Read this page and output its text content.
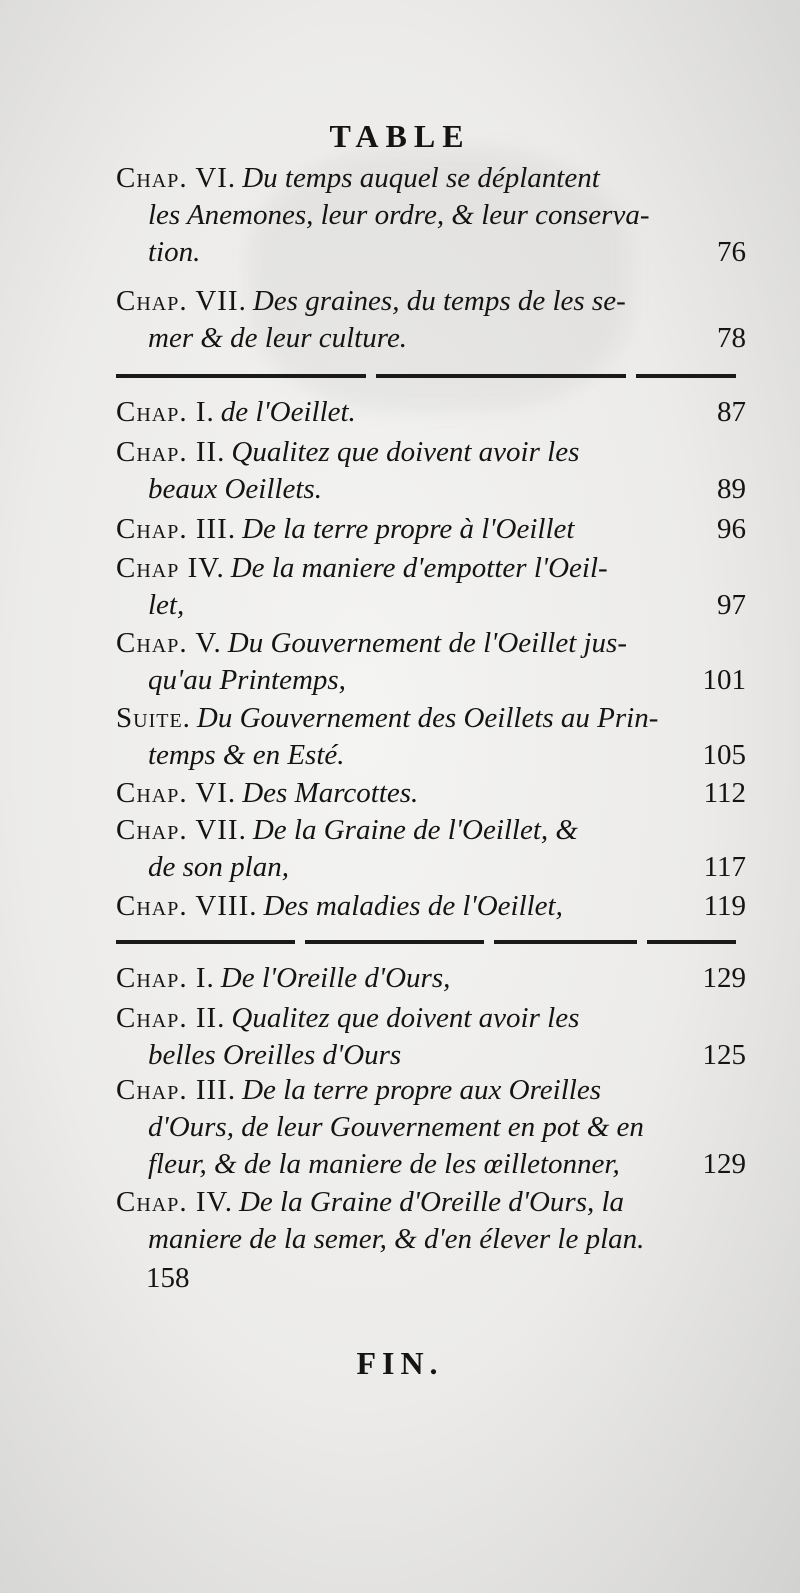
TABLE
Chap. VI. Du temps auquel se déplantent
les Anemones, leur ordre, & leur conserva-
tion.	76
Chap. VII. Des graines, du temps de les se-
mer & de leur culture.	78
Chap. I. de l'Oeillet.	87
Chap. II. Qualitez que doivent avoir les
beaux Oeillets.	89
Chap. III. De la terre propre à l'Oeillet	96
Chap IV. De la maniere d'empotter l'Oeil-
let,	97
Chap. V. Du Gouvernement de l'Oeillet jus-
qu'au Printemps,	101
Suite. Du Gouvernement des Oeillets au Prin-
temps & en Esté.	105
Chap. VI. Des Marcottes.	112
Chap. VII. De la Graine de l'Oeillet, &
de son plan,	117
Chap. VIII. Des maladies de l'Oeillet,	119
Chap. I. De l'Oreille d'Ours,	129
Chap. II. Qualitez que doivent avoir les
belles Oreilles d'Ours	125
Chap. III. De la terre propre aux Oreilles
d'Ours, de leur Gouvernement en pot & en
fleur, & de la maniere de les œilletonner,	129
Chap. IV. De la Graine d'Oreille d'Ours, la
maniere de la semer, & d'en élever le plan.
158
FIN.
